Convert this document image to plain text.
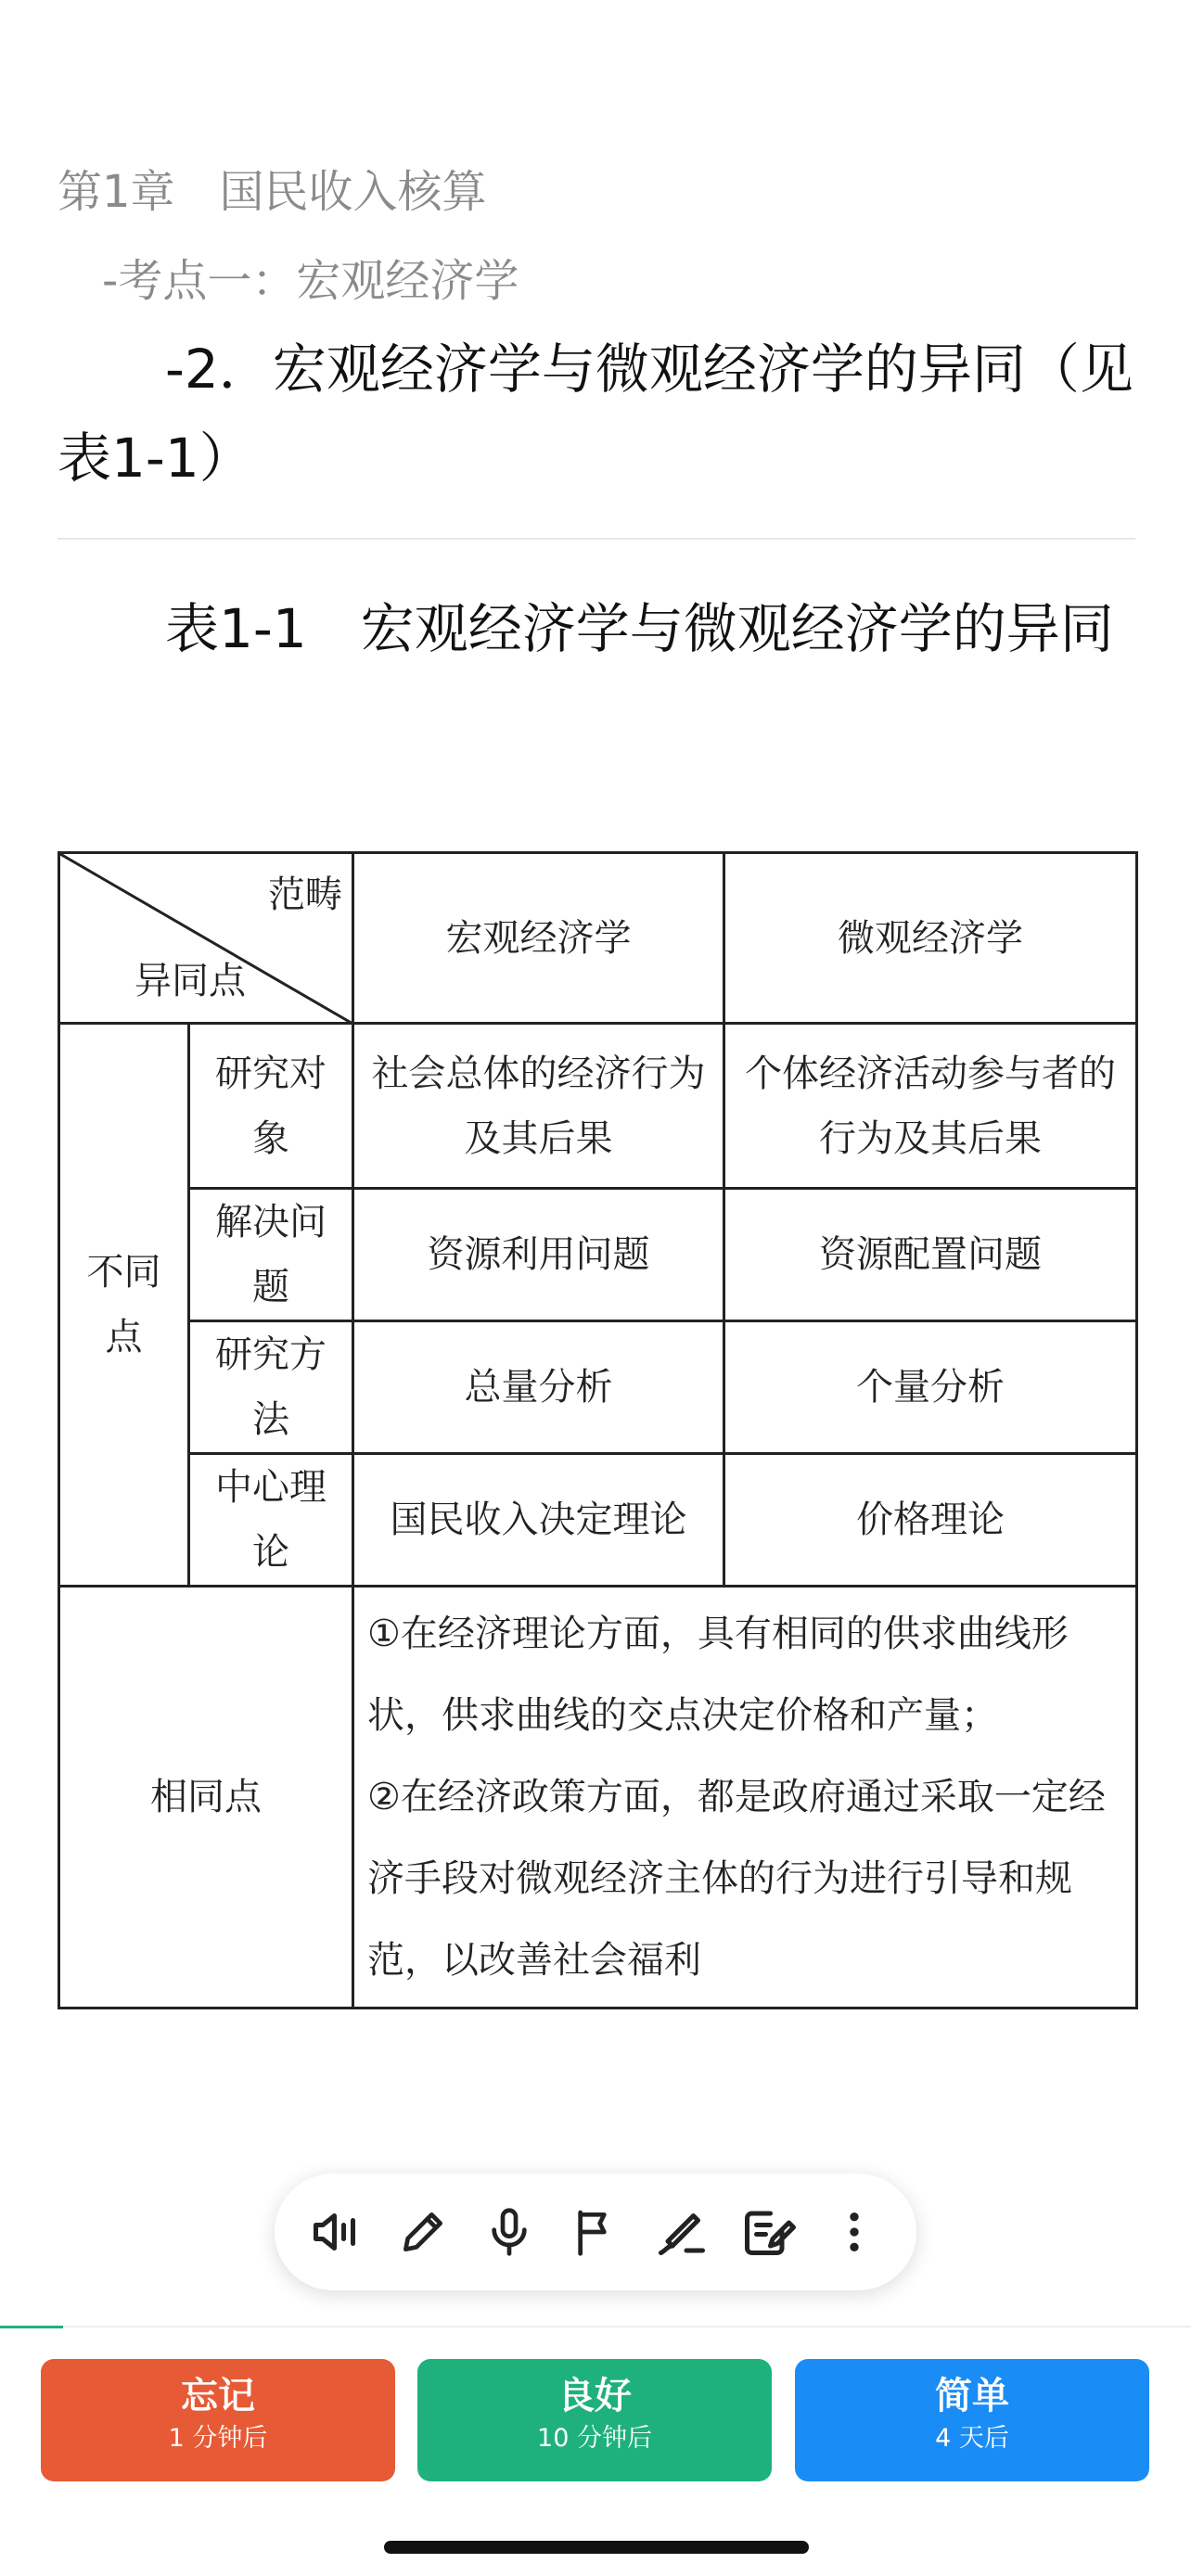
第1章　国民收入核算
-考点一：宏观经济学
-2．宏观经济学与微观经济学的异同（见表1-1）
　　表1-1　宏观经济学与微观经济学的异同
范畴
异同点		宏观经济学	微观经济学
不同点	研究对象	社会总体的经济行为及其后果	个体经济活动参与者的行为及其后果
	解决问题	资源利用问题	资源配置问题
	研究方法	总量分析	个量分析
	中心理论	国民收入决定理论	价格理论
相同点		①在经济理论方面，具有相同的供求曲线形状，供求曲线的交点决定价格和产量；
②在经济政策方面，都是政府通过采取一定经济手段对微观经济主体的行为进行引导和规范，以改善社会福利	
忘记
1 分钟后
良好
10 分钟后
简单
4 天后
